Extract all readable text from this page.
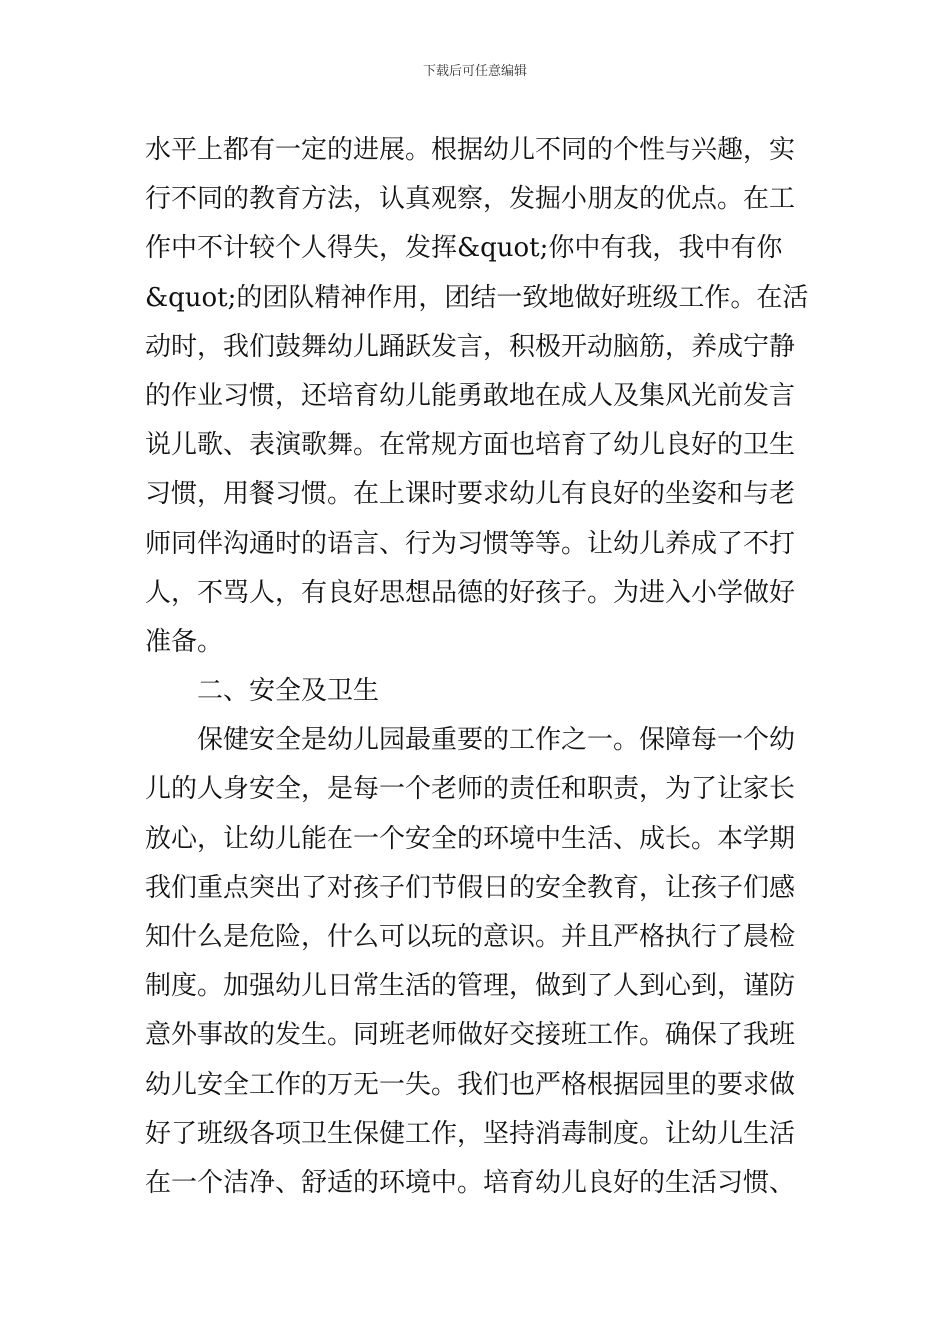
下载后可任意编辑
水平上都有一定的进展。根据幼儿不同的个性与兴趣，实
行不同的教育方法，认真观察，发掘小朋友的优点。在工
作中不计较个人得失，发挥&quot;你中有我，我中有你
&quot;的团队精神作用，团结一致地做好班级工作。在活
动时，我们鼓舞幼儿踊跃发言，积极开动脑筋，养成宁静
的作业习惯，还培育幼儿能勇敢地在成人及集风光前发言
说儿歌、表演歌舞。在常规方面也培育了幼儿良好的卫生
习惯，用餐习惯。在上课时要求幼儿有良好的坐姿和与老
师同伴沟通时的语言、行为习惯等等。让幼儿养成了不打
人，不骂人，有良好思想品德的好孩子。为进入小学做好
准备。
二、安全及卫生
保健安全是幼儿园最重要的工作之一。保障每一个幼
儿的人身安全，是每一个老师的责任和职责，为了让家长
放心，让幼儿能在一个安全的环境中生活、成长。本学期
我们重点突出了对孩子们节假日的安全教育，让孩子们感
知什么是危险，什么可以玩的意识。并且严格执行了晨检
制度。加强幼儿日常生活的管理，做到了人到心到，谨防
意外事故的发生。同班老师做好交接班工作。确保了我班
幼儿安全工作的万无一失。我们也严格根据园里的要求做
好了班级各项卫生保健工作，坚持消毒制度。让幼儿生活
在一个洁净、舒适的环境中。培育幼儿良好的生活习惯、
